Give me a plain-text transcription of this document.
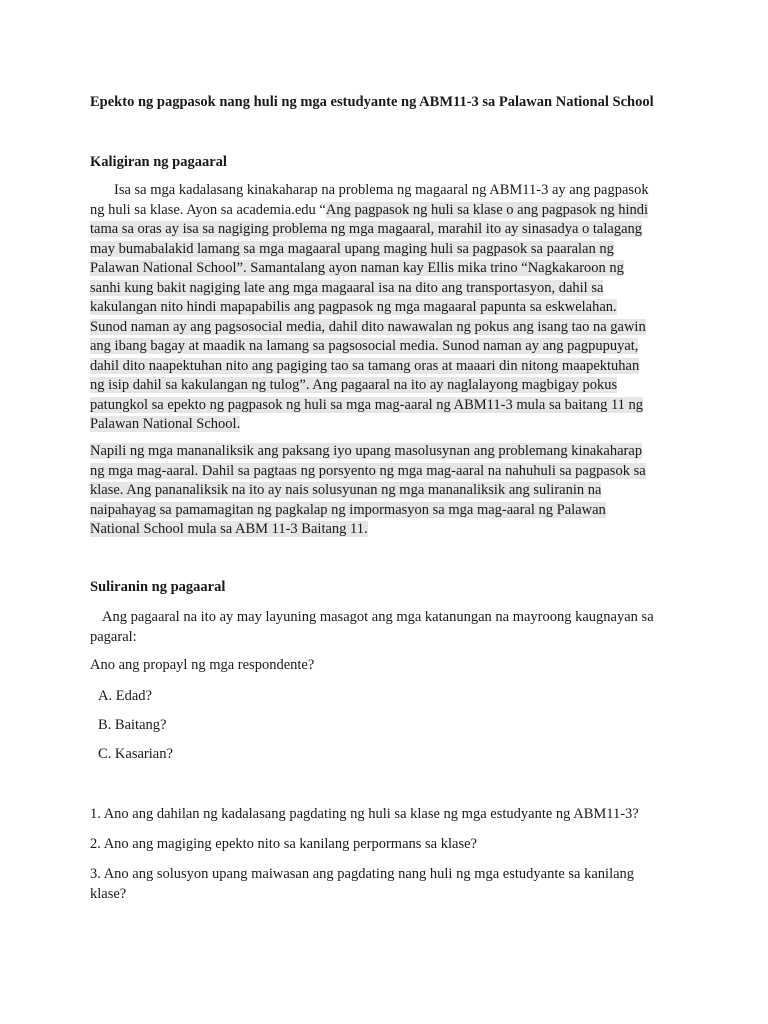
Epekto ng pagpasok nang huli ng mga estudyante ng ABM11-3 sa Palawan National School
Kaligiran ng pagaaral
Isa sa mga kadalasang kinakaharap na problema ng magaaral ng ABM11-3 ay ang pagpasok
ng huli sa klase. Ayon sa academia.edu “Ang pagpasok ng huli sa klase o ang pagpasok ng hindi
tama sa oras ay isa sa nagiging problema ng mga magaaral, marahil ito ay sinasadya o talagang
may bumabalakid lamang sa mga magaaral upang maging huli sa pagpasok sa paaralan ng
Palawan National School”. Samantalang ayon naman kay Ellis mika trino “Nagkakaroon ng
sanhi kung bakit nagiging late ang mga magaaral isa na dito ang transportasyon, dahil sa
kakulangan nito hindi mapapabilis ang pagpasok ng mga magaaral papunta sa eskwelahan.
Sunod naman ay ang pagsosocial media, dahil dito nawawalan ng pokus ang isang tao na gawin
ang ibang bagay at maadik na lamang sa pagsosocial media. Sunod naman ay ang pagpupuyat,
dahil dito naapektuhan nito ang pagiging tao sa tamang oras at maaari din nitong maapektuhan
ng isip dahil sa kakulangan ng tulog”. Ang pagaaral na ito ay naglalayong magbigay pokus
patungkol sa epekto ng pagpasok ng huli sa mga mag-aaral ng ABM11-3 mula sa baitang 11 ng
Palawan National School.
Napili ng mga mananaliksik ang paksang iyo upang masolusynan ang problemang kinakaharap
ng mga mag-aaral. Dahil sa pagtaas ng porsyento ng mga mag-aaral na nahuhuli sa pagpasok sa
klase. Ang pananaliksik na ito ay nais solusyunan ng mga mananaliksik ang suliranin na
naipahayag sa pamamagitan ng pagkalap ng impormasyon sa mga mag-aaral ng Palawan
National School mula sa ABM 11-3 Baitang 11.
Suliranin ng pagaaral
Ang pagaaral na ito ay may layuning masagot ang mga katanungan na mayroong kaugnayan sa
pagaral:
Ano ang propayl ng mga respondente?
A. Edad?
B. Baitang?
C. Kasarian?
1. Ano ang dahilan ng kadalasang pagdating ng huli sa klase ng mga estudyante ng ABM11-3?
2. Ano ang magiging epekto nito sa kanilang perpormans sa klase?
3. Ano ang solusyon upang maiwasan ang pagdating nang huli ng mga estudyante sa kanilang
klase?
